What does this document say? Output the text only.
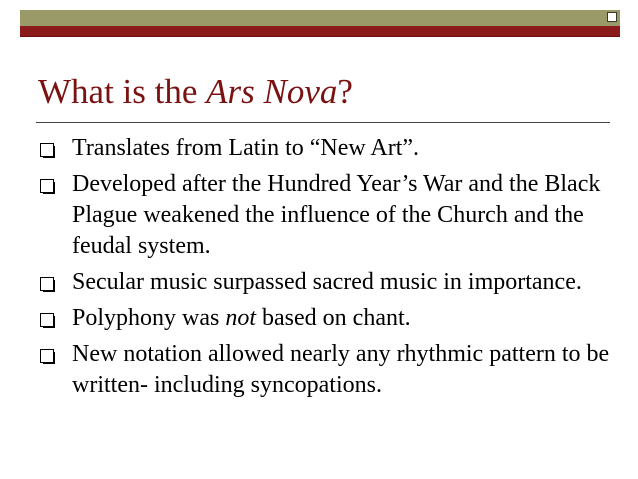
What is the Ars Nova?
Translates from Latin to “New Art”.
Developed after the Hundred Year’s War and the Black Plague weakened the influence of the Church and the feudal system.
Secular music surpassed sacred music in importance.
Polyphony was not based on chant.
New notation allowed nearly any rhythmic pattern to be written- including syncopations.
